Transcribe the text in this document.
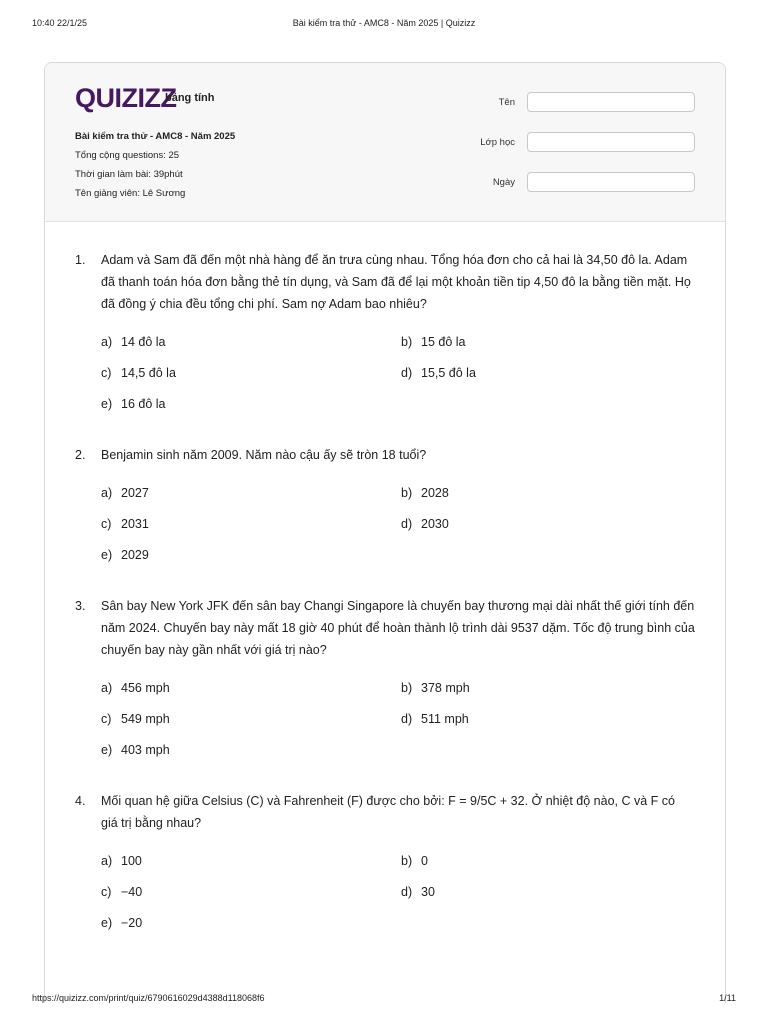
10:40 22/1/25	Bài kiểm tra thử - AMC8 - Năm 2025 | Quizizz
QUIZIZZ
bảng tính
Bài kiểm tra thử - AMC8 - Năm 2025
Tổng cộng questions: 25
Thời gian làm bài: 39phút
Tên giảng viên: Lê Sương
Tên
Lớp học
Ngày
1.	Adam và Sam đã đến một nhà hàng để ăn trưa cùng nhau. Tổng hóa đơn cho cả hai là 34,50 đô la. Adam đã thanh toán hóa đơn bằng thẻ tín dụng, và Sam đã để lại một khoản tiền tip 4,50 đô la bằng tiền mặt. Họ đã đồng ý chia đều tổng chi phí. Sam nợ Adam bao nhiêu?
a) 14 đô la	b) 15 đô la
c) 14,5 đô la	d) 15,5 đô la
e) 16 đô la
2.	Benjamin sinh năm 2009. Năm nào cậu ấy sẽ tròn 18 tuổi?
a) 2027	b) 2028
c) 2031	d) 2030
e) 2029
3.	Sân bay New York JFK đến sân bay Changi Singapore là chuyến bay thương mại dài nhất thế giới tính đến năm 2024. Chuyến bay này mất 18 giờ 40 phút để hoàn thành lộ trình dài 9537 dặm. Tốc độ trung bình của chuyến bay này gần nhất với giá trị nào?
a) 456 mph	b) 378 mph
c) 549 mph	d) 511 mph
e) 403 mph
4.	Mối quan hệ giữa Celsius (C) và Fahrenheit (F) được cho bởi: F = 9/5C + 32. Ở nhiệt độ nào, C và F có giá trị bằng nhau?
a) 100	b) 0
c) −40	d) 30
e) −20
https://quizizz.com/print/quiz/6790616029d4388d118068f6	1/11
